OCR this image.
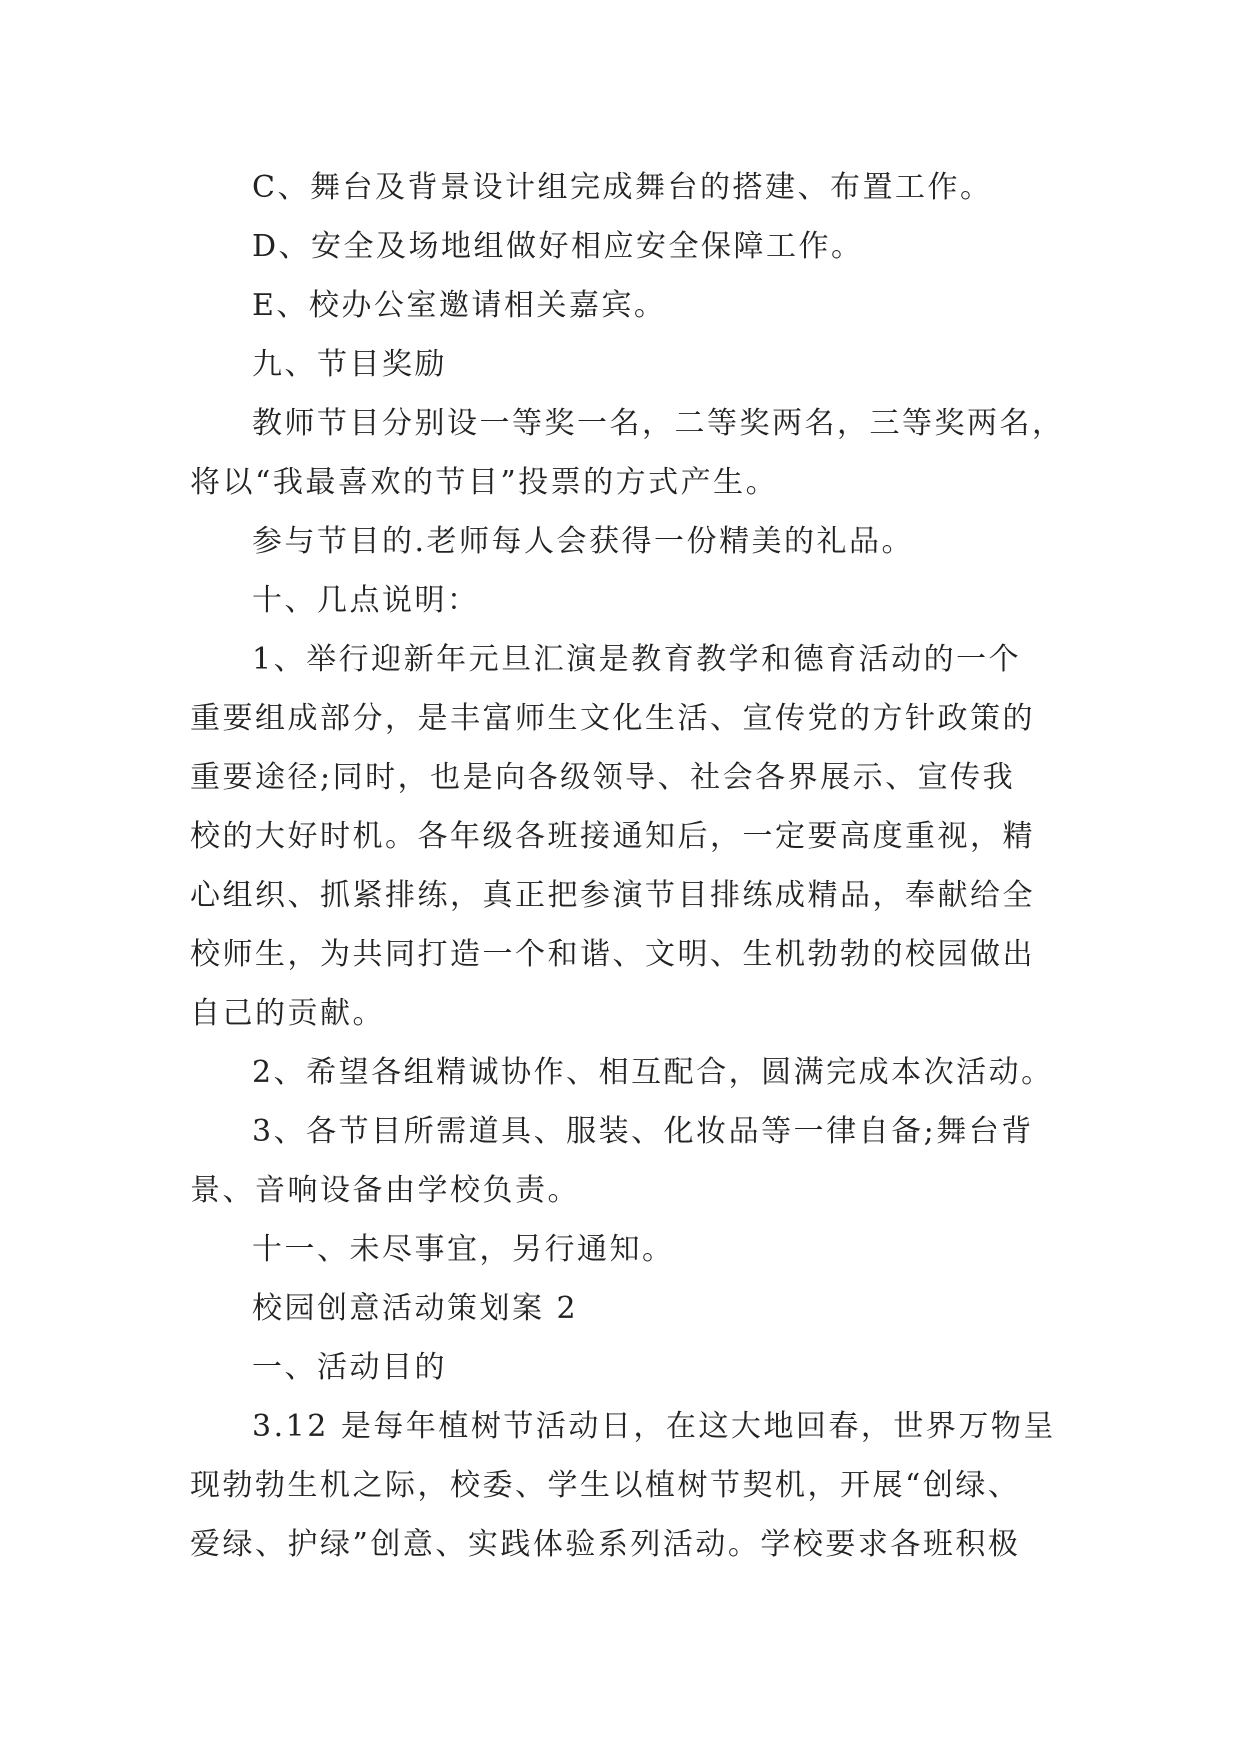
C、舞台及背景设计组完成舞台的搭建、布置工作。
D、安全及场地组做好相应安全保障工作。
E、校办公室邀请相关嘉宾。
九、节目奖励
教师节目分别设一等奖一名，二等奖两名，三等奖两名，
将以“我最喜欢的节目”投票的方式产生。
参与节目的.老师每人会获得一份精美的礼品。
十、几点说明：
1、举行迎新年元旦汇演是教育教学和德育活动的一个
重要组成部分，是丰富师生文化生活、宣传党的方针政策的
重要途径;同时，也是向各级领导、社会各界展示、宣传我
校的大好时机。各年级各班接通知后，一定要高度重视，精
心组织、抓紧排练，真正把参演节目排练成精品，奉献给全
校师生，为共同打造一个和谐、文明、生机勃勃的校园做出
自己的贡献。
2、希望各组精诚协作、相互配合，圆满完成本次活动。
3、各节目所需道具、服装、化妆品等一律自备;舞台背
景、音响设备由学校负责。
十一、未尽事宜，另行通知。
校园创意活动策划案 2
一、活动目的
3.12 是每年植树节活动日，在这大地回春，世界万物呈
现勃勃生机之际，校委、学生以植树节契机，开展“创绿、
爱绿、护绿”创意、实践体验系列活动。学校要求各班积极
